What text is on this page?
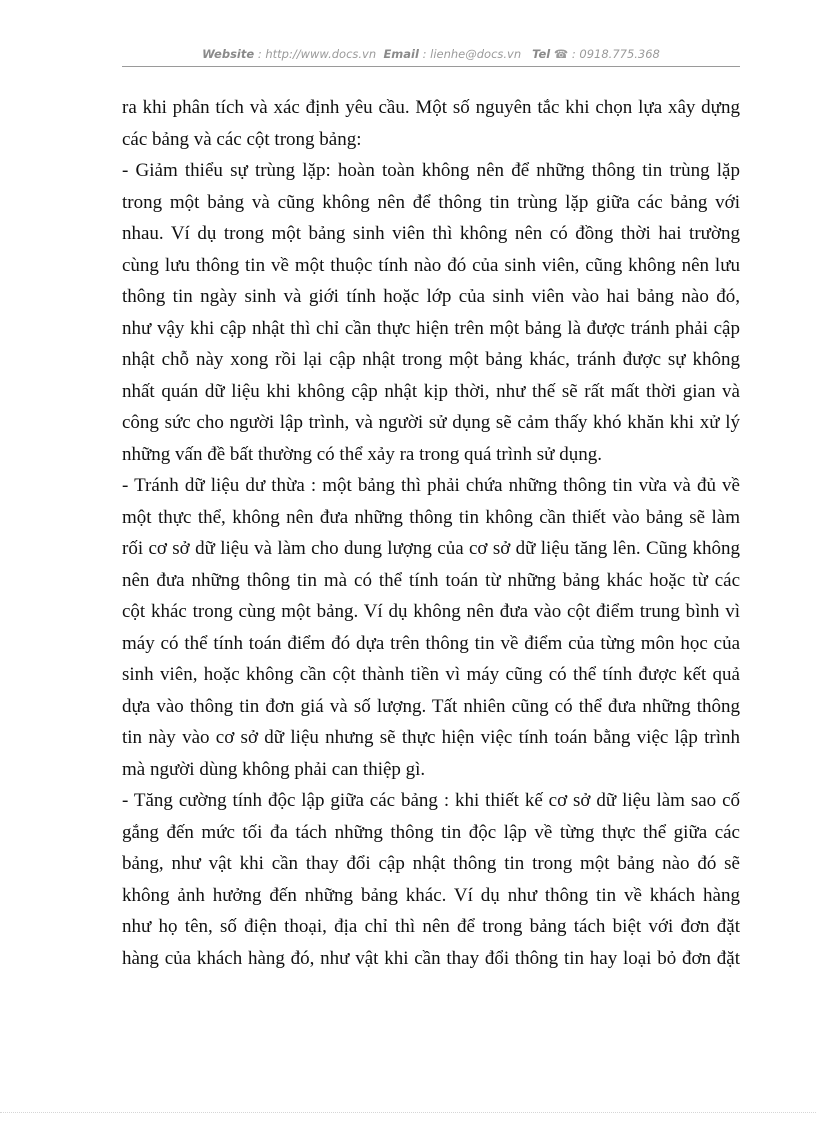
Website : http://www.docs.vn Email : lienhe@docs.vn Tel ☎ : 0918.775.368
ra khi phân tích và xác định yêu cầu. Một số nguyên tắc khi chọn lựa xây dựng
các bảng và các cột trong bảng:
- Giảm thiểu sự trùng lặp: hoàn toàn không nên để những thông tin trùng lặp
trong một bảng và cũng không nên để thông tin trùng lặp giữa các bảng với
nhau. Ví dụ trong một bảng sinh viên thì không nên có đồng thời hai trường
cùng lưu thông tin về một thuộc tính nào đó của sinh viên, cũng không nên lưu
thông tin ngày sinh và giới tính hoặc lớp của sinh viên vào hai bảng nào đó,
như vậy khi cập nhật thì chỉ cần thực hiện trên một bảng là được tránh phải cập
nhật chỗ này xong rồi lại cập nhật trong một bảng khác, tránh được sự không
nhất quán dữ liệu khi không cập nhật kịp thời, như thế sẽ rất mất thời gian và
công sức cho người lập trình, và người sử dụng sẽ cảm thấy khó khăn khi xử lý
những vấn đề bất thường có thể xảy ra trong quá trình sử dụng.
- Tránh dữ liệu dư thừa : một bảng thì phải chứa những thông tin vừa và đủ về
một thực thể, không nên đưa những thông tin không cần thiết vào bảng sẽ làm
rối cơ sở dữ liệu và làm cho dung lượng của cơ sở dữ liệu tăng lên. Cũng không
nên đưa những thông tin mà có thể tính toán từ những bảng khác hoặc từ các
cột khác trong cùng một bảng. Ví dụ không nên đưa vào cột điểm trung bình vì
máy có thể tính toán điểm đó dựa trên thông tin về điểm của từng môn học của
sinh viên, hoặc không cần cột thành tiền vì máy cũng có thể tính được kết quả
dựa vào thông tin đơn giá và số lượng. Tất nhiên cũng có thể đưa những thông
tin này vào cơ sở dữ liệu nhưng sẽ thực hiện việc tính toán bằng việc lập trình
mà người dùng không phải can thiệp gì.
- Tăng cường tính độc lập giữa các bảng : khi thiết kế cơ sở dữ liệu làm sao cố
gắng đến mức tối đa tách những thông tin độc lập về từng thực thể giữa các
bảng, như vật khi cần thay đổi cập nhật thông tin trong một bảng nào đó sẽ
không ảnh hưởng đến những bảng khác. Ví dụ như thông tin về khách hàng
như họ tên, số điện thoại, địa chỉ thì nên để trong bảng tách biệt với đơn đặt
hàng của khách hàng đó, như vật khi cần thay đổi thông tin hay loại bỏ đơn đặt
